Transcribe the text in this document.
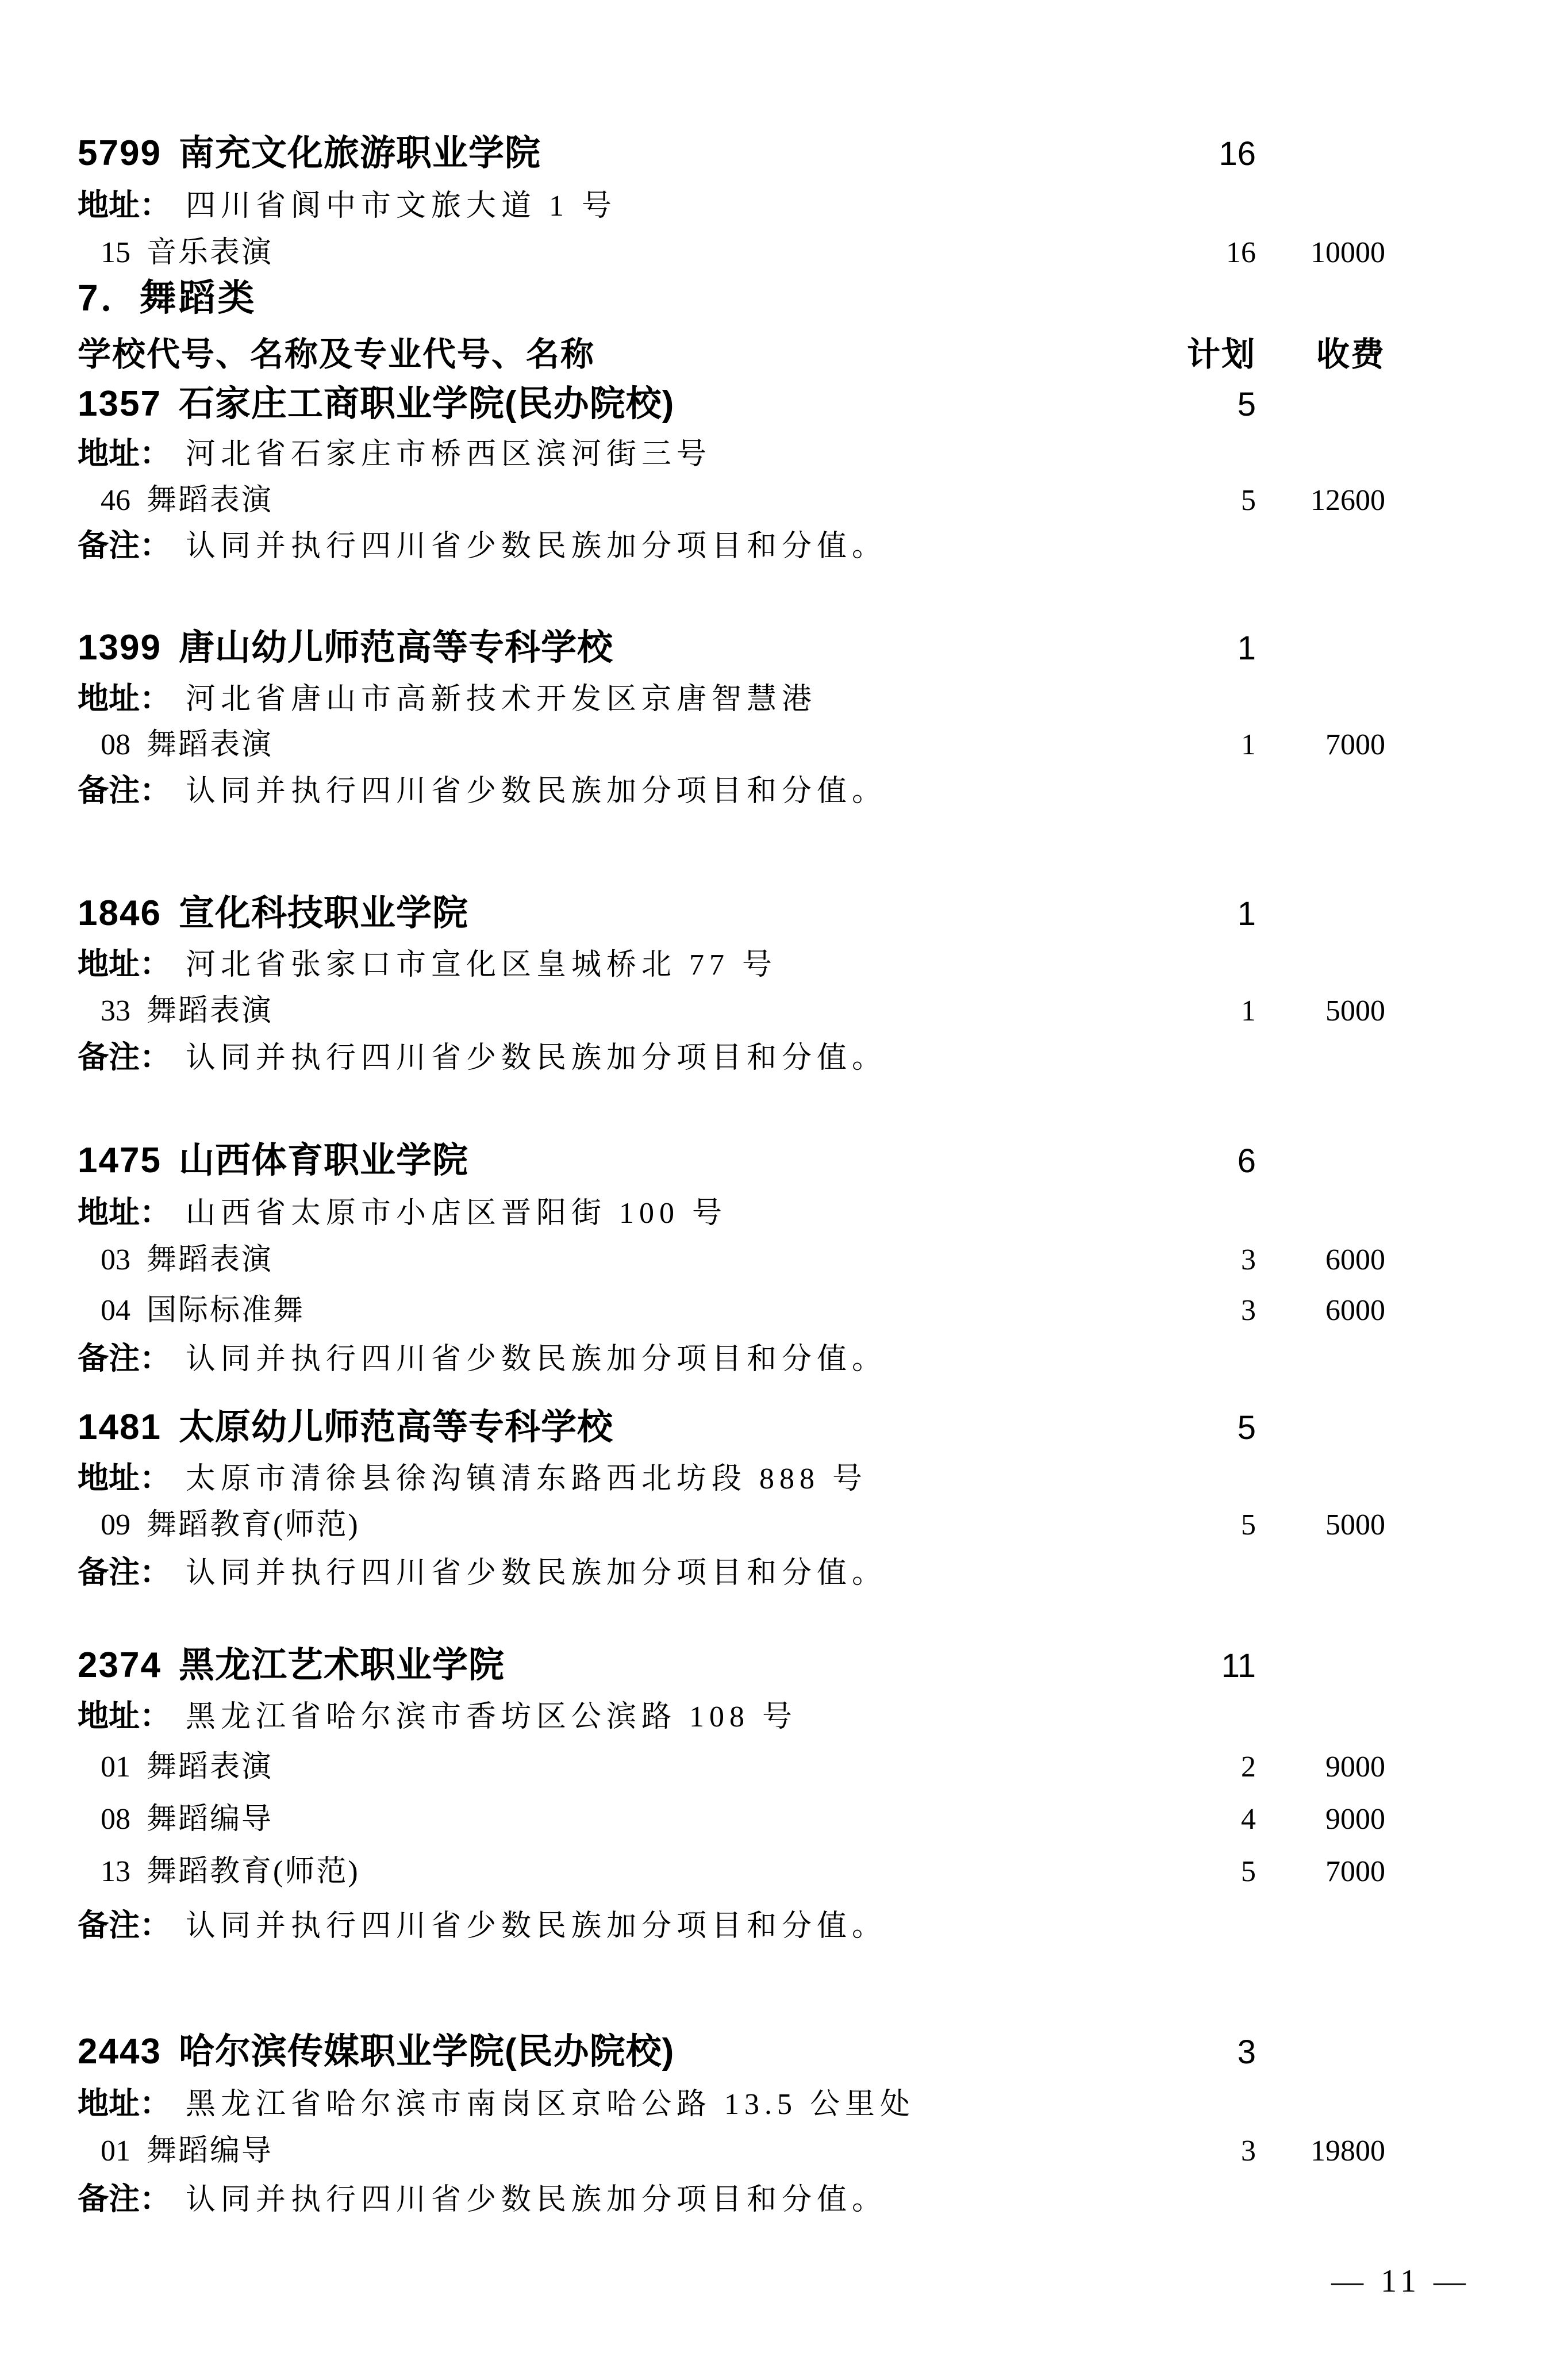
5799 南充文化旅游职业学院	16
地址： 四川省阆中市文旅大道 1 号
15 音乐表演	16	10000
7．舞蹈类
学校代号、名称及专业代号、名称	计划	收费
1357 石家庄工商职业学院(民办院校)	5
地址： 河北省石家庄市桥西区滨河街三号
46 舞蹈表演	5	12600
备注： 认同并执行四川省少数民族加分项目和分值。
1399 唐山幼儿师范高等专科学校	1
地址： 河北省唐山市高新技术开发区京唐智慧港
08 舞蹈表演	1	7000
备注： 认同并执行四川省少数民族加分项目和分值。
1846 宣化科技职业学院	1
地址： 河北省张家口市宣化区皇城桥北 77 号
33 舞蹈表演	1	5000
备注： 认同并执行四川省少数民族加分项目和分值。
1475 山西体育职业学院	6
地址： 山西省太原市小店区晋阳街 100 号
03 舞蹈表演	3	6000
04 国际标准舞	3	6000
备注： 认同并执行四川省少数民族加分项目和分值。
1481 太原幼儿师范高等专科学校	5
地址： 太原市清徐县徐沟镇清东路西北坊段 888 号
09 舞蹈教育(师范)	5	5000
备注： 认同并执行四川省少数民族加分项目和分值。
2374 黑龙江艺术职业学院	11
地址： 黑龙江省哈尔滨市香坊区公滨路 108 号
01 舞蹈表演	2	9000
08 舞蹈编导	4	9000
13 舞蹈教育(师范)	5	7000
备注： 认同并执行四川省少数民族加分项目和分值。
2443 哈尔滨传媒职业学院(民办院校)	3
地址： 黑龙江省哈尔滨市南岗区京哈公路 13.5 公里处
01 舞蹈编导	3	19800
备注： 认同并执行四川省少数民族加分项目和分值。
— 11 —
